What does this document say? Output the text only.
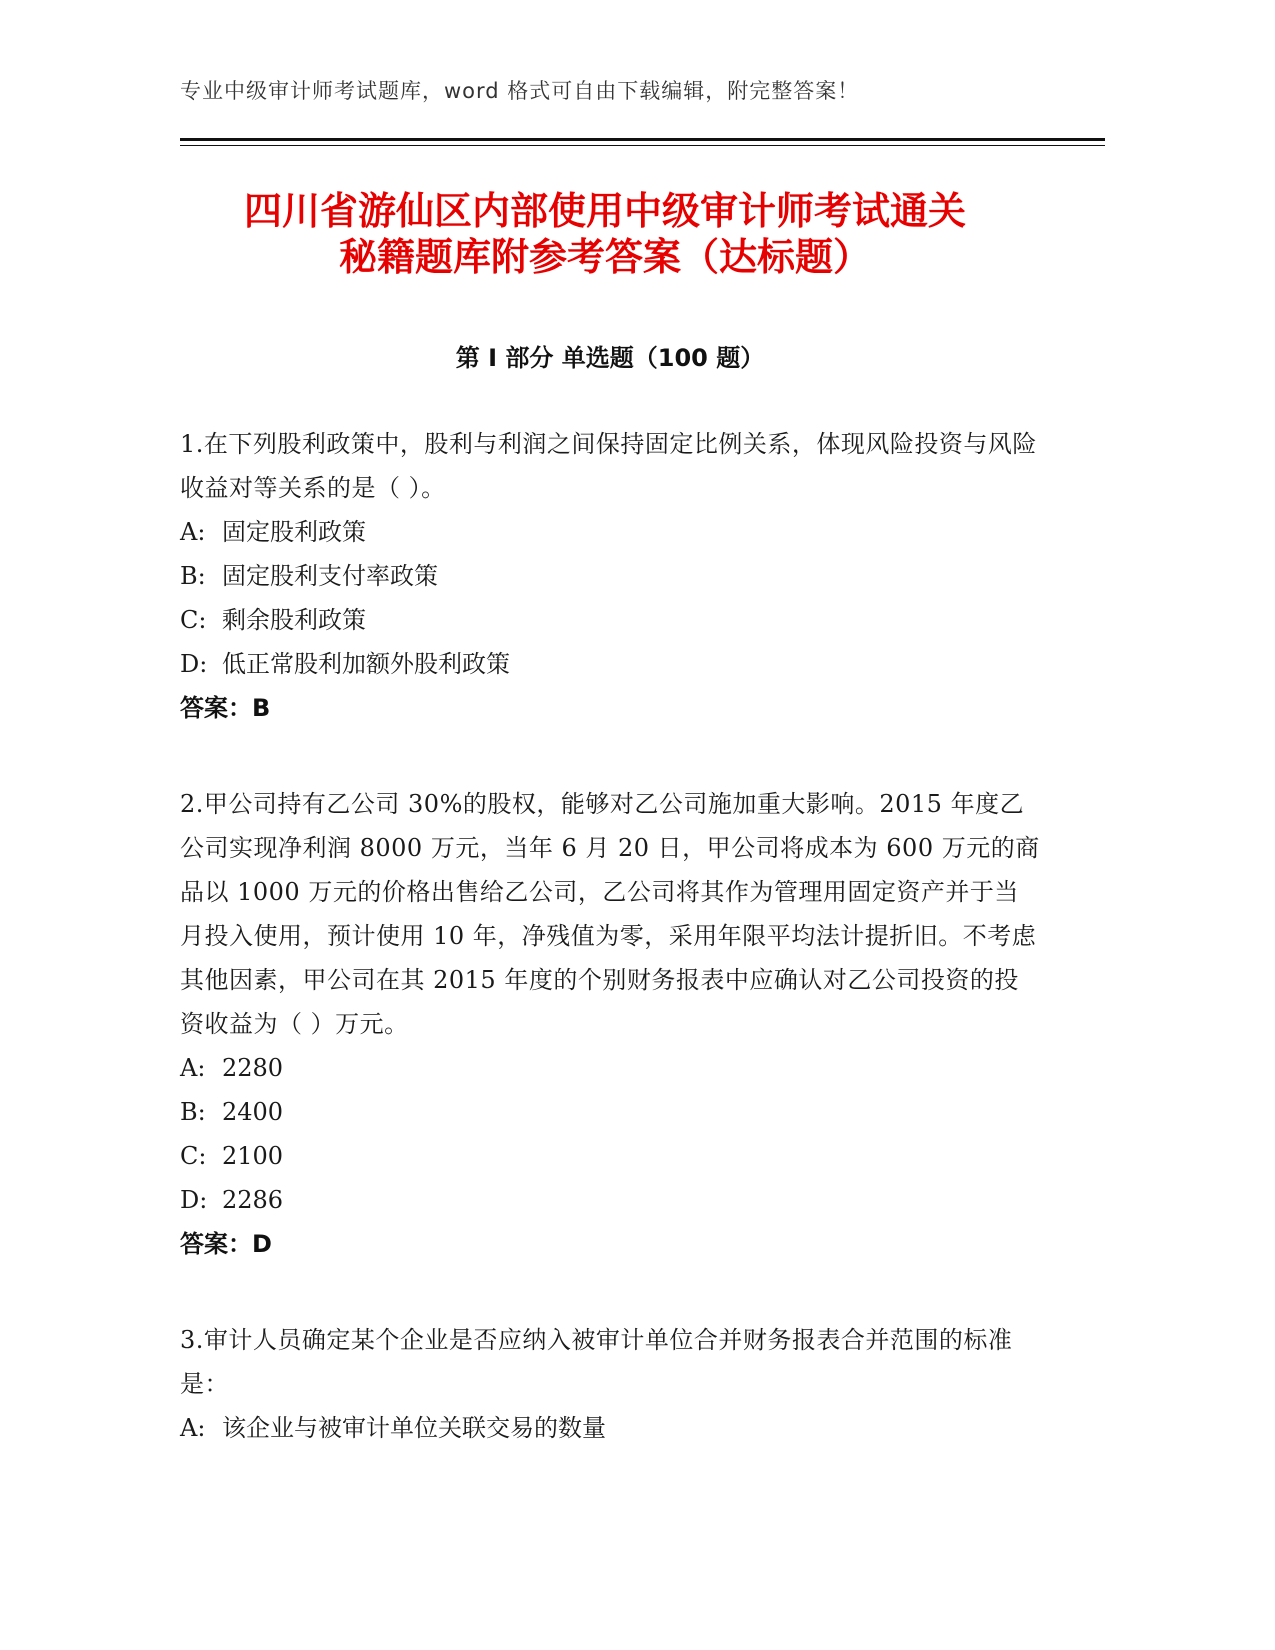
专业中级审计师考试题库，word 格式可自由下载编辑，附完整答案！
四川省游仙区内部使用中级审计师考试通关
秘籍题库附参考答案（达标题）
第 I 部分 单选题（100 题）

1.在下列股利政策中，股利与利润之间保持固定比例关系，体现风险投资与风险收益对等关系的是（ ）。

A: 固定股利政策
B: 固定股利支付率政策
C: 剩余股利政策
D: 低正常股利加额外股利政策

答案：B

2.甲公司持有乙公司 30%的股权，能够对乙公司施加重大影响。2015 年度乙公司实现净利润 8000 万元，当年 6 月 20 日，甲公司将成本为 600 万元的商品以 1000 万元的价格出售给乙公司，乙公司将其作为管理用固定资产并于当月投入使用，预计使用 10 年，净残值为零，采用年限平均法计提折旧。不考虑其他因素，甲公司在其 2015 年度的个别财务报表中应确认对乙公司投资的投资收益为（ ）万元。

A: 2280
B: 2400
C: 2100
D: 2286

答案：D

3.审计人员确定某个企业是否应纳入被审计单位合并财务报表合并范围的标准是：

A: 该企业与被审计单位关联交易的数量
